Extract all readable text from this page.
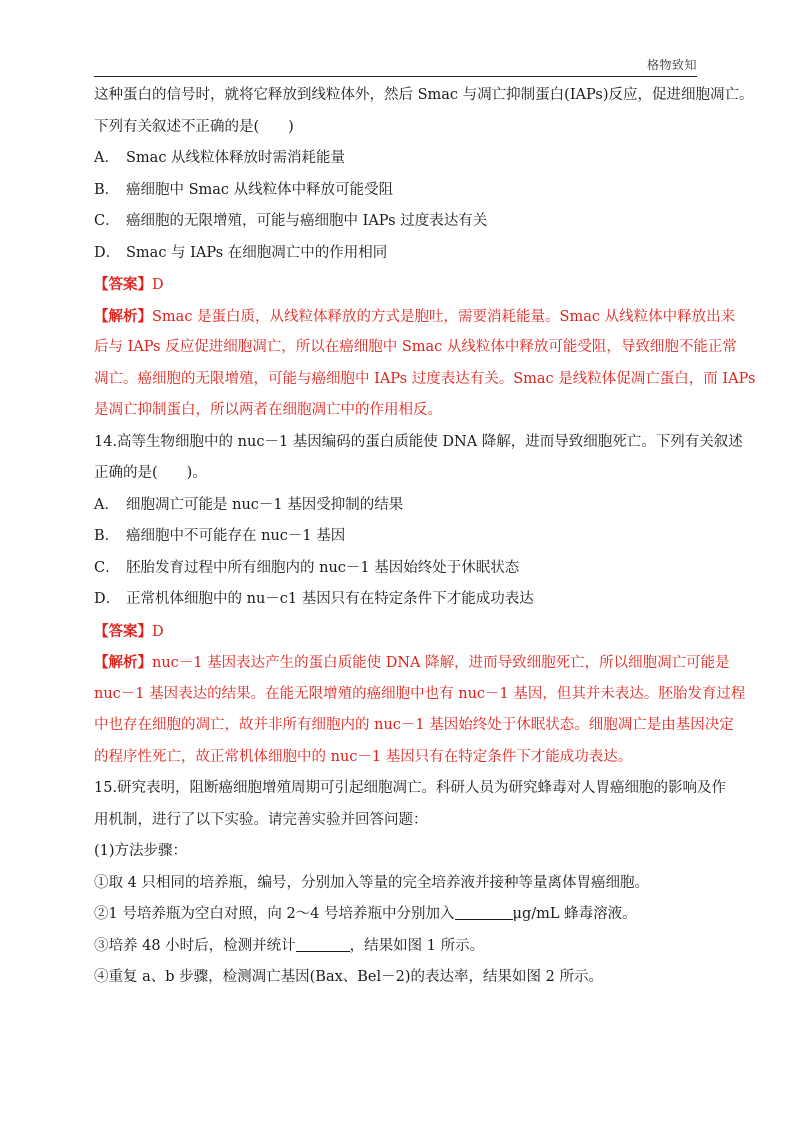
格物致知
这种蛋白的信号时，就将它释放到线粒体外，然后 Smac 与凋亡抑制蛋白(IAPs)反应，促进细胞凋亡。
下列有关叙述不正确的是(　　)
A． Smac 从线粒体释放时需消耗能量
B． 癌细胞中 Smac 从线粒体中释放可能受阻
C． 癌细胞的无限增殖，可能与癌细胞中 IAPs 过度表达有关
D． Smac 与 IAPs 在细胞凋亡中的作用相同
【答案】D
【解析】Smac 是蛋白质，从线粒体释放的方式是胞吐，需要消耗能量。Smac 从线粒体中释放出来
后与 IAPs 反应促进细胞凋亡，所以在癌细胞中 Smac 从线粒体中释放可能受阻，导致细胞不能正常
凋亡。癌细胞的无限增殖，可能与癌细胞中 IAPs 过度表达有关。Smac 是线粒体促凋亡蛋白，而 IAPs
是凋亡抑制蛋白，所以两者在细胞凋亡中的作用相反。
14.高等生物细胞中的 nuc－1 基因编码的蛋白质能使 DNA 降解，进而导致细胞死亡。下列有关叙述
正确的是(　　)。
A． 细胞凋亡可能是 nuc－1 基因受抑制的结果
B． 癌细胞中不可能存在 nuc－1 基因
C． 胚胎发育过程中所有细胞内的 nuc－1 基因始终处于休眠状态
D． 正常机体细胞中的 nu－c1 基因只有在特定条件下才能成功表达
【答案】D
【解析】nuc－1 基因表达产生的蛋白质能使 DNA 降解，进而导致细胞死亡，所以细胞凋亡可能是
nuc－1 基因表达的结果。在能无限增殖的癌细胞中也有 nuc－1 基因，但其并未表达。胚胎发育过程
中也存在细胞的凋亡，故并非所有细胞内的 nuc－1 基因始终处于休眠状态。细胞凋亡是由基因决定
的程序性死亡，故正常机体细胞中的 nuc－1 基因只有在特定条件下才能成功表达。
15.研究表明，阻断癌细胞增殖周期可引起细胞凋亡。科研人员为研究蜂毒对人胃癌细胞的影响及作
用机制，进行了以下实验。请完善实验并回答问题：
(1)方法步骤：
①取 4 只相同的培养瓶，编号，分别加入等量的完全培养液并接种等量离体胃癌细胞。
②1 号培养瓶为空白对照，向 2～4 号培养瓶中分别加入	μg/mL 蜂毒溶液。
③培养 48 小时后，检测并统计	，结果如图 1 所示。
④重复 a、b 步骤，检测凋亡基因(Bax、Bel－2)的表达率，结果如图 2 所示。
